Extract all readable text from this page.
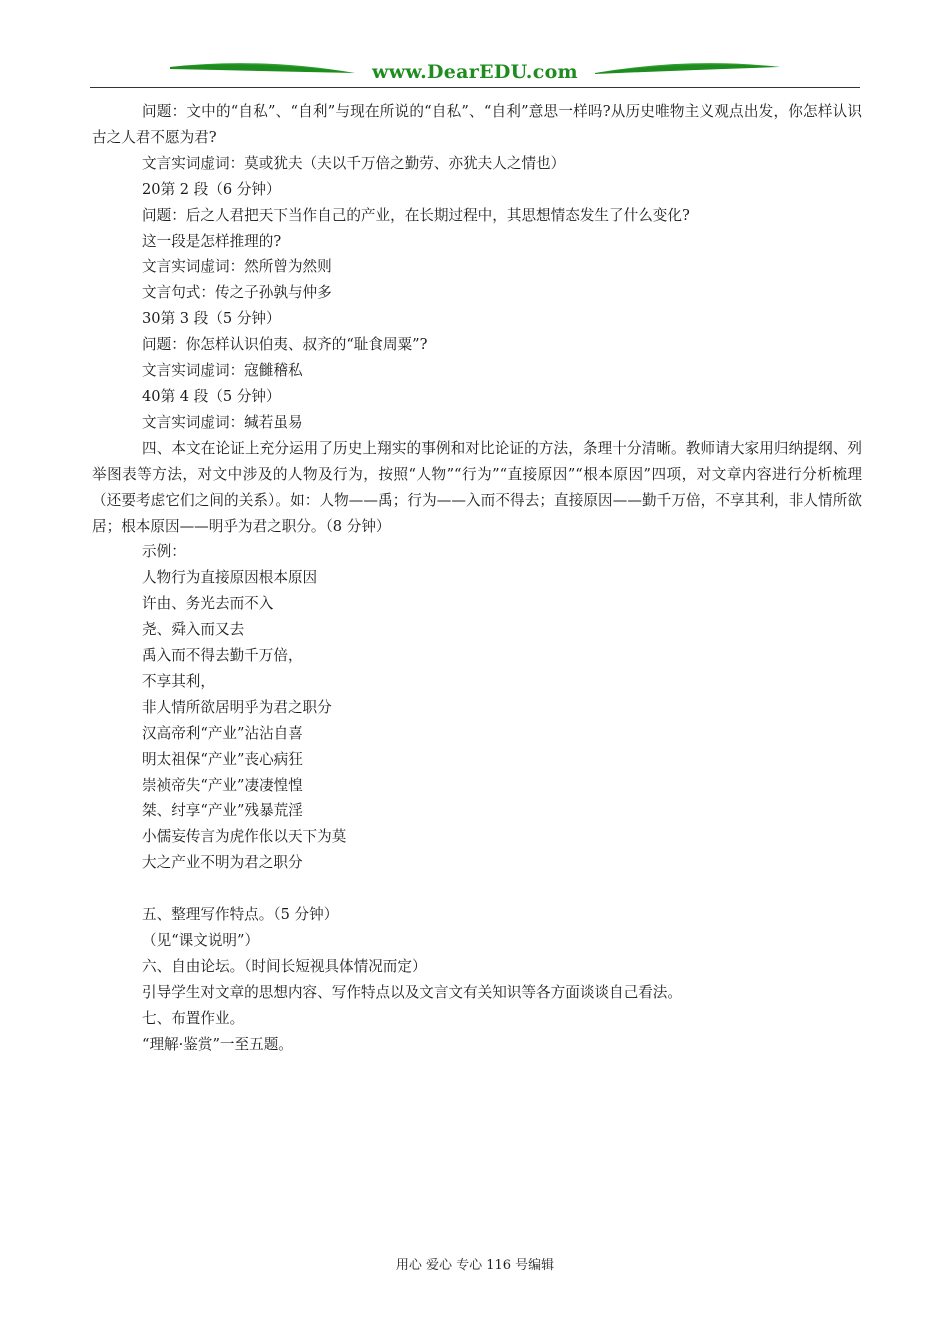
www.DearEDU.com

问题：文中的“自私”、“自利”与现在所说的“自私”、“自利”意思一样吗?从历史唯物主义观点出发，你怎样认识古之人君不愿为君?

文言实词虚词：莫或犹夫（夫以千万倍之勤劳、亦犹夫人之情也）

20第 2 段（6 分钟）

问题：后之人君把天下当作自己的产业，在长期过程中，其思想情态发生了什么变化?

这一段是怎样推理的?

文言实词虚词：然所曾为然则

文言句式：传之子孙孰与仲多

30第 3 段（5 分钟）

问题：你怎样认识伯夷、叔齐的“耻食周粟”?

文言实词虚词：寇雠稽私

40第 4 段（5 分钟）

文言实词虚词：缄若虽易

四、本文在论证上充分运用了历史上翔实的事例和对比论证的方法，条理十分清晰。教师请大家用归纳提纲、列举图表等方法，对文中涉及的人物及行为，按照“人物”“行为”“直接原因”“根本原因”四项，对文章内容进行分析梳理（还要考虑它们之间的关系）。如：人物——禹；行为——入而不得去；直接原因——勤千万倍，不享其利，非人情所欲居；根本原因——明乎为君之职分。（8 分钟）

示例：

人物行为直接原因根本原因

许由、务光去而不入

尧、舜入而又去

禹入而不得去勤千万倍，

不享其利，

非人情所欲居明乎为君之职分

汉高帝利“产业”沾沾自喜

明太祖保“产业”丧心病狂

崇祯帝失“产业”凄凄惶惶

桀、纣享“产业”残暴荒淫

小儒妄传言为虎作伥以天下为莫

大之产业不明为君之职分

五、整理写作特点。（5 分钟）

（见“课文说明”）

六、自由论坛。（时间长短视具体情况而定）

引导学生对文章的思想内容、写作特点以及文言文有关知识等各方面谈谈自己看法。

七、布置作业。

“理解·鉴赏”一至五题。

用心 爱心 专心 116 号编辑
